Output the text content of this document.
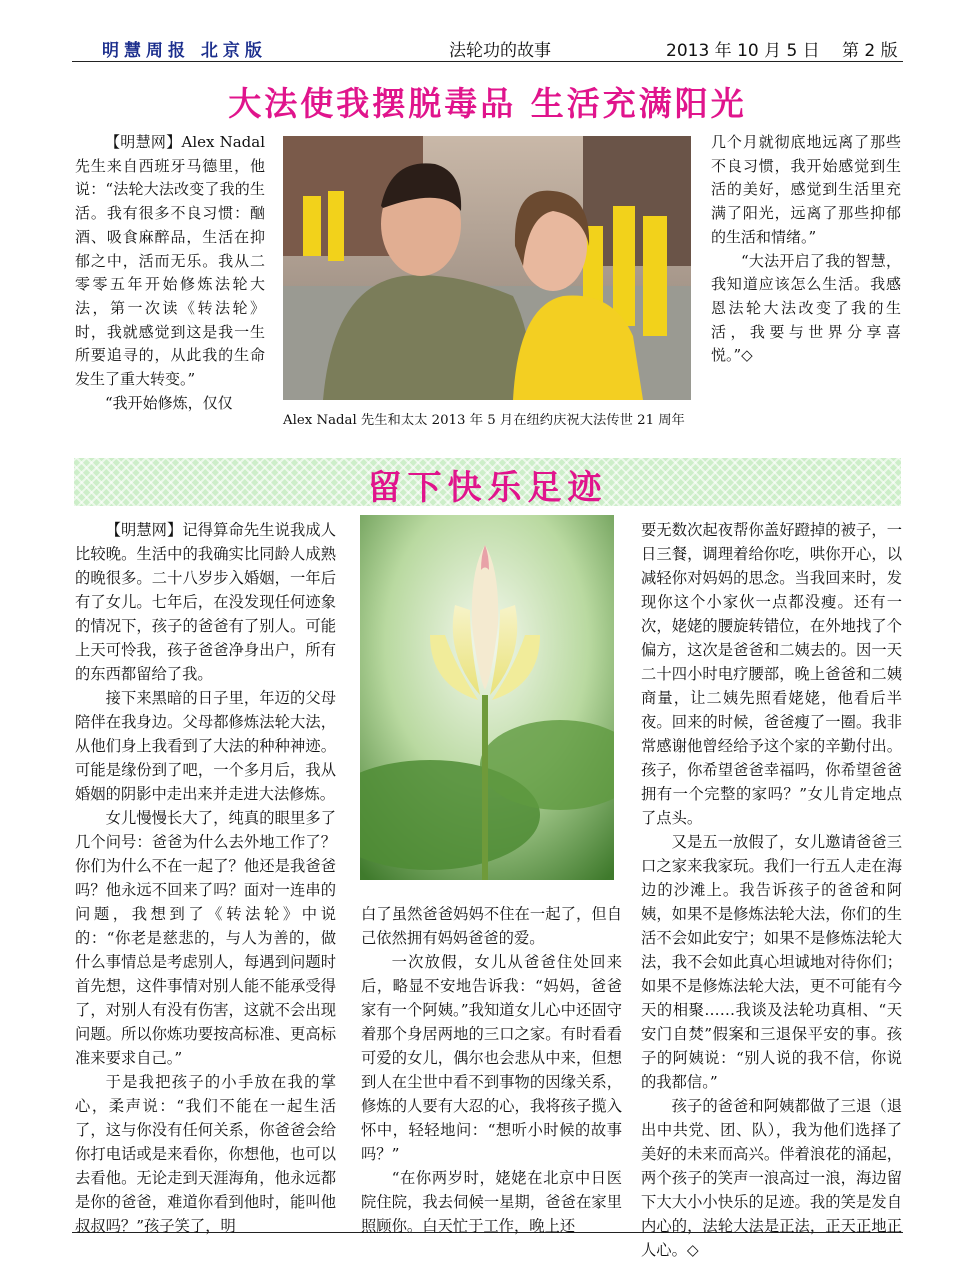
明慧周报 北京版	法轮功的故事	2013 年 10 月 5 日 第 2 版
大法使我摆脱毒品 生活充满阳光

【明慧网】Alex Nadal 先生来自西班牙马德里，他说：“法轮大法改变了我的生活。我有很多不良习惯：酗酒、吸食麻醉品，生活在抑郁之中，活而无乐。我从二零零五年开始修炼法轮大法，第一次读《转法轮》时，我就感觉到这是我一生所要追寻的，从此我的生命发生了重大转变。”

“我开始修炼，仅仅

Alex Nadal 先生和太太 2013 年 5 月在纽约庆祝大法传世 21 周年

几个月就彻底地远离了那些不良习惯，我开始感觉到生活的美好，感觉到生活里充满了阳光，远离了那些抑郁的生活和情绪。”

“大法开启了我的智慧，我知道应该怎么生活。我感恩法轮大法改变了我的生活，我要与世界分享喜悦。”◇

留下快乐足迹

【明慧网】记得算命先生说我成人比较晚。生活中的我确实比同龄人成熟的晚很多。二十八岁步入婚姻，一年后有了女儿。七年后，在没发现任何迹象的情况下，孩子的爸爸有了别人。可能上天可怜我，孩子爸爸净身出户，所有的东西都留给了我。

接下来黑暗的日子里，年迈的父母陪伴在我身边。父母都修炼法轮大法，从他们身上我看到了大法的种种神迹。可能是缘份到了吧，一个多月后，我从婚姻的阴影中走出来并走进大法修炼。

女儿慢慢长大了，纯真的眼里多了几个问号：爸爸为什么去外地工作了？你们为什么不在一起了？他还是我爸爸吗？他永远不回来了吗？面对一连串的问题，我想到了《转法轮》中说的：“你老是慈悲的，与人为善的，做什么事情总是考虑别人，每遇到问题时首先想，这件事情对别人能不能承受得了，对别人有没有伤害，这就不会出现问题。所以你炼功要按高标准、更高标准来要求自己。”

于是我把孩子的小手放在我的掌心，柔声说：“我们不能在一起生活了，这与你没有任何关系，你爸爸会给你打电话或是来看你，你想他，也可以去看他。无论走到天涯海角，他永远都是你的爸爸，难道你看到他时，能叫他叔叔吗？”孩子笑了，明

白了虽然爸爸妈妈不住在一起了，但自己依然拥有妈妈爸爸的爱。

一次放假，女儿从爸爸住处回来后，略显不安地告诉我：“妈妈，爸爸家有一个阿姨。”我知道女儿心中还固守着那个身居两地的三口之家。有时看看可爱的女儿，偶尔也会悲从中来，但想到人在尘世中看不到事物的因缘关系，修炼的人要有大忍的心，我将孩子揽入怀中，轻轻地问：“想听小时候的故事吗？”

“在你两岁时，姥姥在北京中日医院住院，我去伺候一星期，爸爸在家里照顾你。白天忙于工作，晚上还

要无数次起夜帮你盖好蹬掉的被子，一日三餐，调理着给你吃，哄你开心，以减轻你对妈妈的思念。当我回来时，发现你这个小家伙一点都没瘦。还有一次，姥姥的腰旋转错位，在外地找了个偏方，这次是爸爸和二姨去的。因一天二十四小时电疗腰部，晚上爸爸和二姨商量，让二姨先照看姥姥，他看后半夜。回来的时候，爸爸瘦了一圈。我非常感谢他曾经给予这个家的辛勤付出。孩子，你希望爸爸幸福吗，你希望爸爸拥有一个完整的家吗？”女儿肯定地点了点头。

又是五一放假了，女儿邀请爸爸三口之家来我家玩。我们一行五人走在海边的沙滩上。我告诉孩子的爸爸和阿姨，如果不是修炼法轮大法，你们的生活不会如此安宁；如果不是修炼法轮大法，我不会如此真心坦诚地对待你们；如果不是修炼法轮大法，更不可能有今天的相聚……我谈及法轮功真相、“天安门自焚”假案和三退保平安的事。孩子的阿姨说：“别人说的我不信，你说的我都信。”

孩子的爸爸和阿姨都做了三退（退出中共党、团、队），我为他们选择了美好的未来而高兴。伴着浪花的涌起，两个孩子的笑声一浪高过一浪，海边留下大大小小快乐的足迹。我的笑是发自内心的，法轮大法是正法，正天正地正人心。◇
